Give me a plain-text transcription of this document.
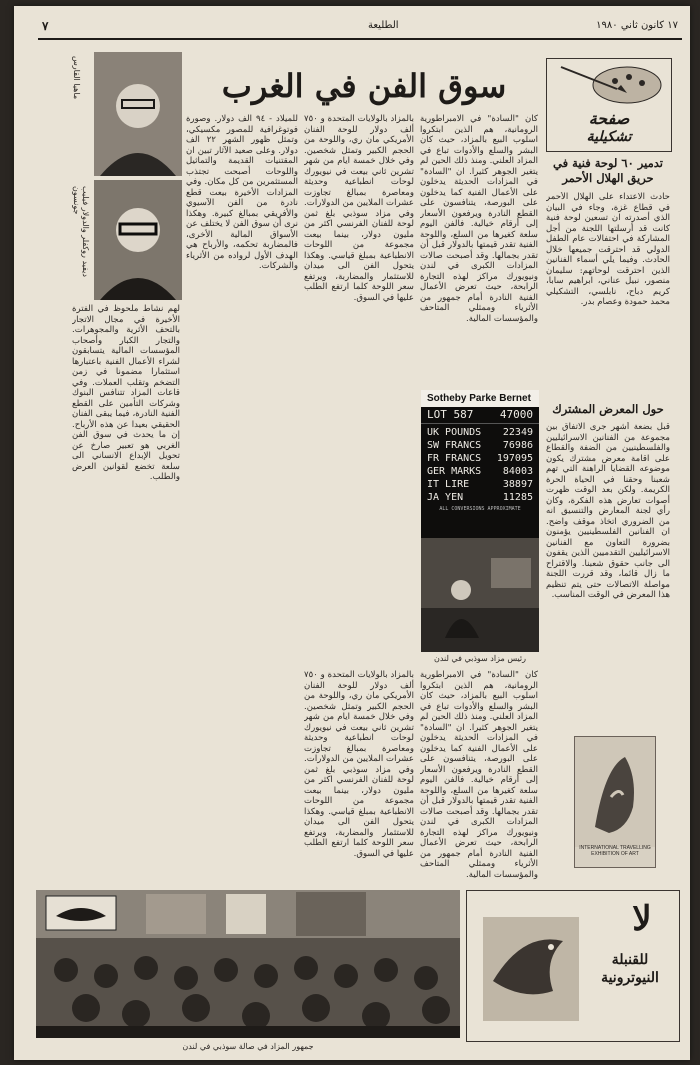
٧	الطليعة	١٧ كانون ثاني ١٩٨٠
صفحة
تشكيلية
تدمير ٦٠ لوحة فنية في حريق الهلال الأحمر
حادث الاعتداء على الهلال الأحمر في قطاع غزة، وجاء في البيان الذي أصدرته ان تسعين لوحة فنية كانت قد أرسلتها اللجنة من أجل المشاركة في احتفالات عام الطفل الدولي قد احترقت جميعها خلال الحادث. وفيما يلي أسماء الفنانين الذين احترقت لوحاتهم: سليمان منصور، نبيل عناني، ابراهيم سابا، كريم دباح، نابلسي، التشكيلي محمد حمودة وعصام بدر.
حول المعرض المشترك
قبل بضعة أشهر جرى الاتفاق بين مجموعة من الفنانين الاسرائيليين والفلسطينيين من الضفة والقطاع على اقامة معرض مشترك يكون موضوعه القضايا الراهنة التي تهم شعبنا وحقنا في الحياة الحرة الكريمة. ولكن بعد الوقت ظهرت أصوات تعارض هذه الفكرة، وكان رأي لجنة المعارض والتنسيق انه من الضروري اتخاذ موقف واضح. ان الفنانين الفلسطينيين يؤمنون بضرورة التعاون مع الفنانين الاسرائيليين التقدميين الذين يقفون الى جانب حقوق شعبنا. والاقتراح ما زال قائما، وقد قررت اللجنة مواصلة الاتصالات حتى يتم تنظيم هذا المعرض في الوقت المناسب.
INTERNATIONAL TRAVELLING EXHIBITION OF ART
لا
للقنبلة النيوترونية
سوق الفن في الغرب
كان "السادة" في الامبراطورية الرومانية، هم الذين ابتكروا اسلوب البيع بالمزاد، حيث كان البشر والسلع والأدوات تباع في المزاد العلني. ومنذ ذلك الحين لم يتغير الجوهر كثيرا. ان "السادة" في المزادات الحديثة يدخلون على الأعمال الفنية كما يدخلون على البورصة، يتنافسون على القطع النادرة ويرفعون الأسعار إلى أرقام خيالية. فالفن اليوم سلعة كغيرها من السلع، واللوحة الفنية تقدر قيمتها بالدولار قبل أن تقدر بجمالها. وقد أصبحت صالات المزادات الكبرى في لندن ونيويورك مراكز لهذه التجارة الرابحة، حيث تعرض الأعمال الفنية النادرة أمام جمهور من الأثرياء وممثلي المتاحف والمؤسسات المالية.
بالمزاد بالولايات المتحدة و ٧٥٠ ألف دولار للوحة الفنان الأمريكي مان ري، واللوحة من الحجم الكبير وتمثل شخصين. وفي خلال خمسة ايام من شهر تشرين ثاني بيعت في نيويورك لوحات انطباعية وحديثة ومعاصرة بمبالغ تجاوزت عشرات الملايين من الدولارات. وفي مزاد سوذبي بلغ ثمن لوحة للفنان الفرنسي اكثر من مليون دولار، بينما بيعت مجموعة من اللوحات الانطباعية بمبلغ قياسي. وهكذا يتحول الفن الى ميدان للاستثمار والمضاربة، ويرتفع سعر اللوحة كلما ارتفع الطلب عليها في السوق.
للميلاد - ٩٤ الف دولار. وصورة فوتوغرافية للمصور مكسيكي، وتمثل ظهور الشهر ٢٢ الف دولار. وعلى صعيد الآثار تبين ان المقتنيات القديمة والتماثيل واللوحات أصبحت تجتذب المستثمرين من كل مكان. وفي المزادات الأخيرة بيعت قطع نادرة من الفن الآسيوي والأفريقي بمبالغ كبيرة. وهكذا نرى أن سوق الفن لا يختلف عن الأسواق المالية الأخرى، فالمضاربة تحكمه، والأرباح هي الهدف الأول لرواده من الأثرياء والشركات.
لهم نشاط ملحوظ في الفترة الأخيرة في مجال الاتجار بالتحف الأثرية والمجوهرات. والتجار الكبار وأصحاب المؤسسات المالية يتسابقون لشراء الأعمال الفنية باعتبارها استثمارا مضمونا في زمن التضخم وتقلب العملات. وفي قاعات المزاد تتنافس البنوك وشركات التأمين على القطع الفنية النادرة، فيما يبقى الفنان الحقيقي بعيدا عن هذه الأرباح. إن ما يحدث في سوق الفن الغربي هو تعبير صارخ عن تحويل الإبداع الانساني الى سلعة تخضع لقوانين العرض والطلب.
بالمزاد بالولايات المتحدة و ٧٥٠ ألف دولار للوحة الفنان الأمريكي مان ري، واللوحة من الحجم الكبير وتمثل شخصين. وفي خلال خمسة ايام من شهر تشرين ثاني بيعت في نيويورك لوحات انطباعية وحديثة ومعاصرة بمبالغ تجاوزت عشرات الملايين من الدولارات. وفي مزاد سوذبي بلغ ثمن لوحة للفنان الفرنسي اكثر من مليون دولار، بينما بيعت مجموعة من اللوحات الانطباعية بمبلغ قياسي. وهكذا يتحول الفن الى ميدان للاستثمار والمضاربة، ويرتفع سعر اللوحة كلما ارتفع الطلب عليها في السوق.
كان "السادة" في الامبراطورية الرومانية، هم الذين ابتكروا اسلوب البيع بالمزاد، حيث كان البشر والسلع والأدوات تباع في المزاد العلني. ومنذ ذلك الحين لم يتغير الجوهر كثيرا. ان "السادة" في المزادات الحديثة يدخلون على الأعمال الفنية كما يدخلون على البورصة، يتنافسون على القطع النادرة ويرفعون الأسعار إلى أرقام خيالية. فالفن اليوم سلعة كغيرها من السلع، واللوحة الفنية تقدر قيمتها بالدولار قبل أن تقدر بجمالها. وقد أصبحت صالات المزادات الكبرى في لندن ونيويورك مراكز لهذه التجارة الرابحة، حيث تعرض الأعمال الفنية النادرة أمام جمهور من الأثرياء وممثلي المتاحف والمؤسسات المالية.
Sotheby Parke Bernet
LOT 587 47000
UK POUNDS 22349
SW FRANCS 76986
FR FRANCS 197095
GER MARKS 84003
IT LIRE	38897
JA YEN	11285
ALL CONVERSIONS APPROXIMATE
رئيس مزاد سوذبي في لندن
ماهيا القارس
ديفيد روكفلر والدولار فيليب جونسون
جمهور المزاد في صالة سوذبي في لندن
